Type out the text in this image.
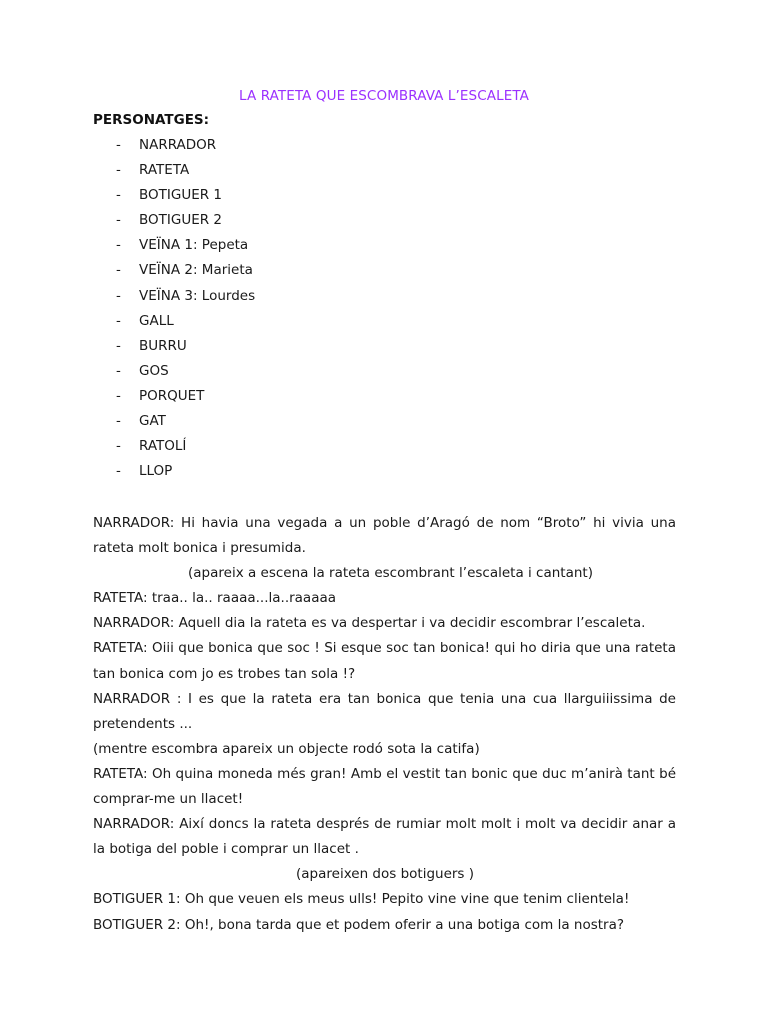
LA RATETA QUE ESCOMBRAVA L’ESCALETA
PERSONATGES:
- NARRADOR
- RATETA
- BOTIGUER 1
- BOTIGUER 2
- VEÏNA 1: Pepeta
- VEÏNA 2: Marieta
- VEÏNA 3: Lourdes
- GALL
- BURRU
- GOS
- PORQUET
- GAT
- RATOLÍ
- LLOP

NARRADOR: Hi havia una vegada a un poble d’Aragó de nom “Broto” hi vivia una rateta molt bonica i presumida.

(apareix a escena la rateta escombrant l’escaleta i cantant)

RATETA: traa.. la.. raaaa...la..raaaaa

NARRADOR: Aquell dia la rateta es va despertar i va decidir escombrar l’escaleta.

RATETA: Oiii que bonica que soc ! Si esque soc tan bonica! qui ho diria que una rateta tan bonica com jo es trobes tan sola !?

NARRADOR : I es que la rateta era tan bonica que tenia una cua llarguiiissima de pretendents ...

(mentre escombra apareix un objecte rodó sota la catifa)

RATETA: Oh quina moneda més gran! Amb el vestit tan bonic que duc m’anirà tant bé comprar-me un llacet!

NARRADOR: Així doncs la rateta després de rumiar molt molt i molt va decidir anar a la botiga del poble i comprar un llacet .

(apareixen dos botiguers )

BOTIGUER 1: Oh que veuen els meus ulls! Pepito vine vine que tenim clientela!

BOTIGUER 2: Oh!, bona tarda que et podem oferir a una botiga com la nostra?
